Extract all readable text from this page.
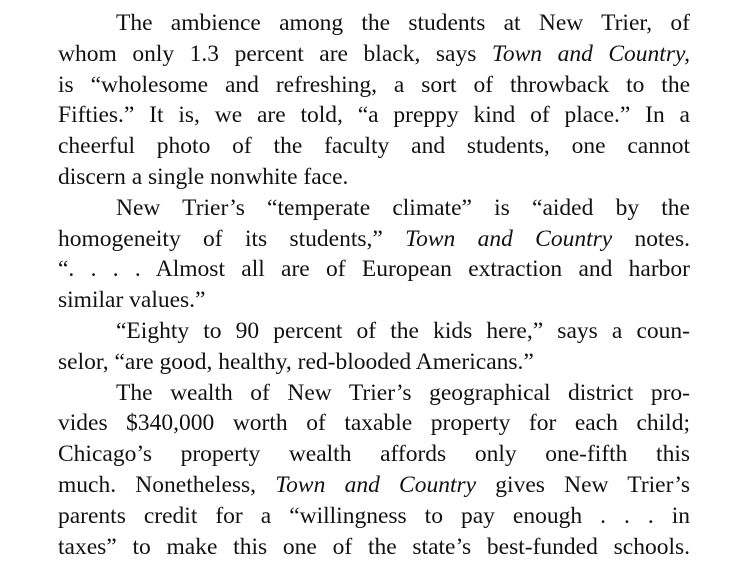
The ambience among the students at New Trier, of
whom only 1.3 percent are black, says Town and Country,
is “wholesome and refreshing, a sort of throwback to the
Fifties.” It is, we are told, “a preppy kind of place.” In a
cheerful photo of the faculty and students, one cannot
discern a single nonwhite face.
New Trier’s “temperate climate” is “aided by the
homogeneity of its students,” Town and Country notes.
“. . . . Almost all are of European extraction and harbor
similar values.”
“Eighty to 90 percent of the kids here,” says a coun-
selor, “are good, healthy, red-blooded Americans.”
The wealth of New Trier’s geographical district pro-
vides $340,000 worth of taxable property for each child;
Chicago’s property wealth affords only one-fifth this
much. Nonetheless, Town and Country gives New Trier’s
parents credit for a “willingness to pay enough . . . in
taxes” to make this one of the state’s best-funded schools.
